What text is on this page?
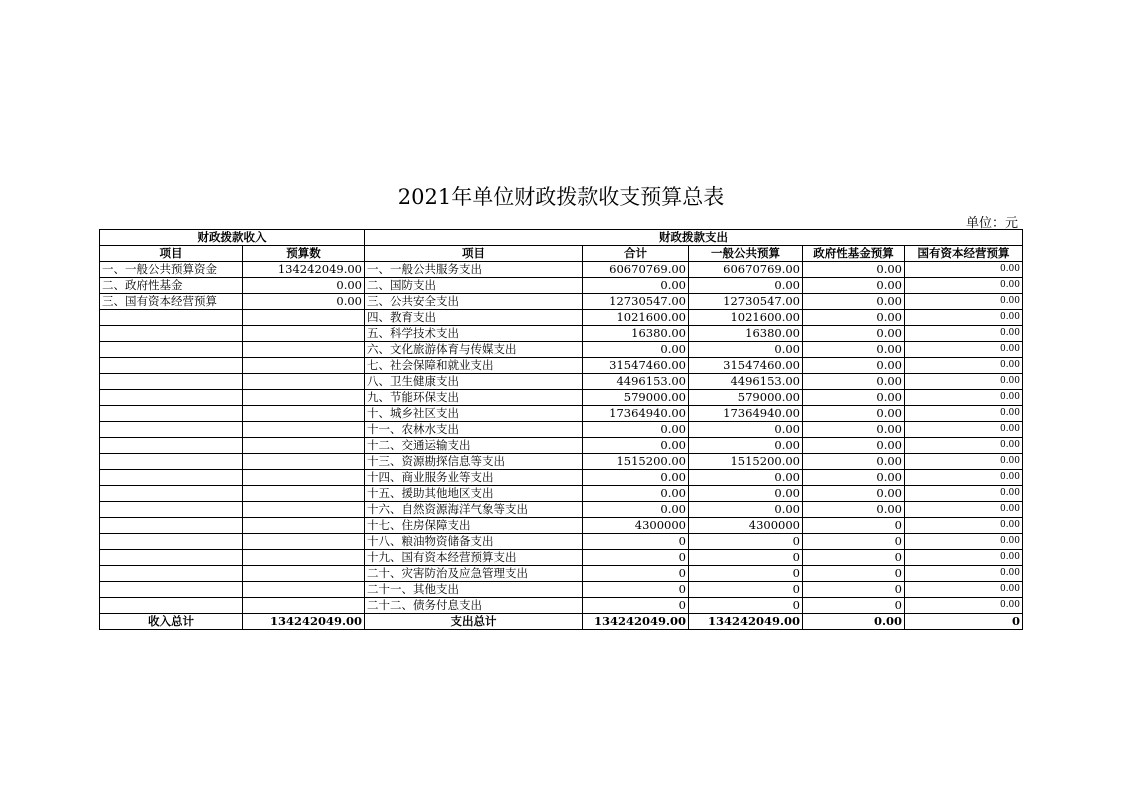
2021年单位财政拨款收支预算总表
单位：元
财政拨款收入		财政拨款支出				
项目	预算数	项目	合计	一般公共预算	政府性基金预算	国有资本经营预算
一、一般公共预算资金	134242049.00	一、一般公共服务支出	60670769.00	60670769.00	0.00	0.00
二、政府性基金	0.00	二、国防支出	0.00	0.00	0.00	0.00
三、国有资本经营预算	0.00	三、公共安全支出	12730547.00	12730547.00	0.00	0.00
		四、教育支出	1021600.00	1021600.00	0.00	0.00
		五、科学技术支出	16380.00	16380.00	0.00	0.00
		六、文化旅游体育与传媒支出	0.00	0.00	0.00	0.00
		七、社会保障和就业支出	31547460.00	31547460.00	0.00	0.00
		八、卫生健康支出	4496153.00	4496153.00	0.00	0.00
		九、节能环保支出	579000.00	579000.00	0.00	0.00
		十、城乡社区支出	17364940.00	17364940.00	0.00	0.00
		十一、农林水支出	0.00	0.00	0.00	0.00
		十二、交通运输支出	0.00	0.00	0.00	0.00
		十三、资源勘探信息等支出	1515200.00	1515200.00	0.00	0.00
		十四、商业服务业等支出	0.00	0.00	0.00	0.00
		十五、援助其他地区支出	0.00	0.00	0.00	0.00
		十六、自然资源海洋气象等支出	0.00	0.00	0.00	0.00
		十七、住房保障支出	4300000	4300000	0	0.00
		十八、粮油物资储备支出	0	0	0	0.00
		十九、国有资本经营预算支出	0	0	0	0.00
		二十、灾害防治及应急管理支出	0	0	0	0.00
		二十一、其他支出	0	0	0	0.00
		二十二、债务付息支出	0	0	0	0.00
收入总计	134242049.00	支出总计	134242049.00	134242049.00	0.00	0
